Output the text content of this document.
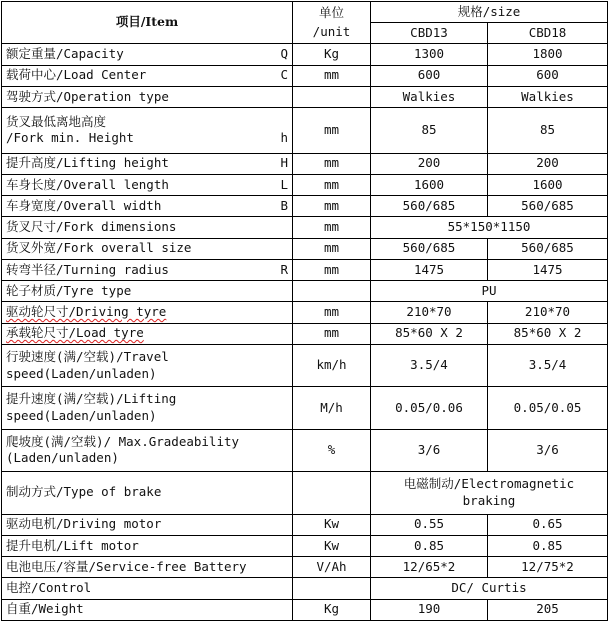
项目/Item	单位 /unit	规格/size	
		CBD13	CBD18

额定重量/Capacity Q	Kg	1300	1800

载荷中心/Load Center C	mm	600	600

驾驶方式/Operation type		Walkies	Walkies

货叉最低离地高度
/Fork min. Height h	mm	85	85

提升高度/Lifting height H	mm	200	200

车身长度/Overall length L	mm	1600	1600

车身宽度/Overall width B	mm	560/685	560/685

货叉尺寸/Fork dimensions	mm	55*150*1150	

货叉外宽/Fork overall size	mm	560/685	560/685

转弯半径/Turning radius R	mm	1475	1475

轮子材质/Tyre type		PU	

驱动轮尺寸/Driving tyre	mm	210*70	210*70

承载轮尺寸/Load tyre	mm	85*60 X 2	85*60 X 2

行驶速度(满/空载)/Travel
speed(Laden/unladen)	km/h	3.5/4	3.5/4

提升速度(满/空载)/Lifting
speed(Laden/unladen)	M/h	0.05/0.06	0.05/0.05

爬坡度(满/空载)/ Max.Gradeability
(Laden/unladen)	%	3/6	3/6

制动方式/Type of brake		电磁制动/Electromagnetic
braking	

驱动电机/Driving motor	Kw	0.55	0.65

提升电机/Lift motor	Kw	0.85	0.85

电池电压/容量/Service-free Battery	V/Ah	12/65*2	12/75*2

电控/Control		DC/ Curtis	

自重/Weight	Kg	190	205
